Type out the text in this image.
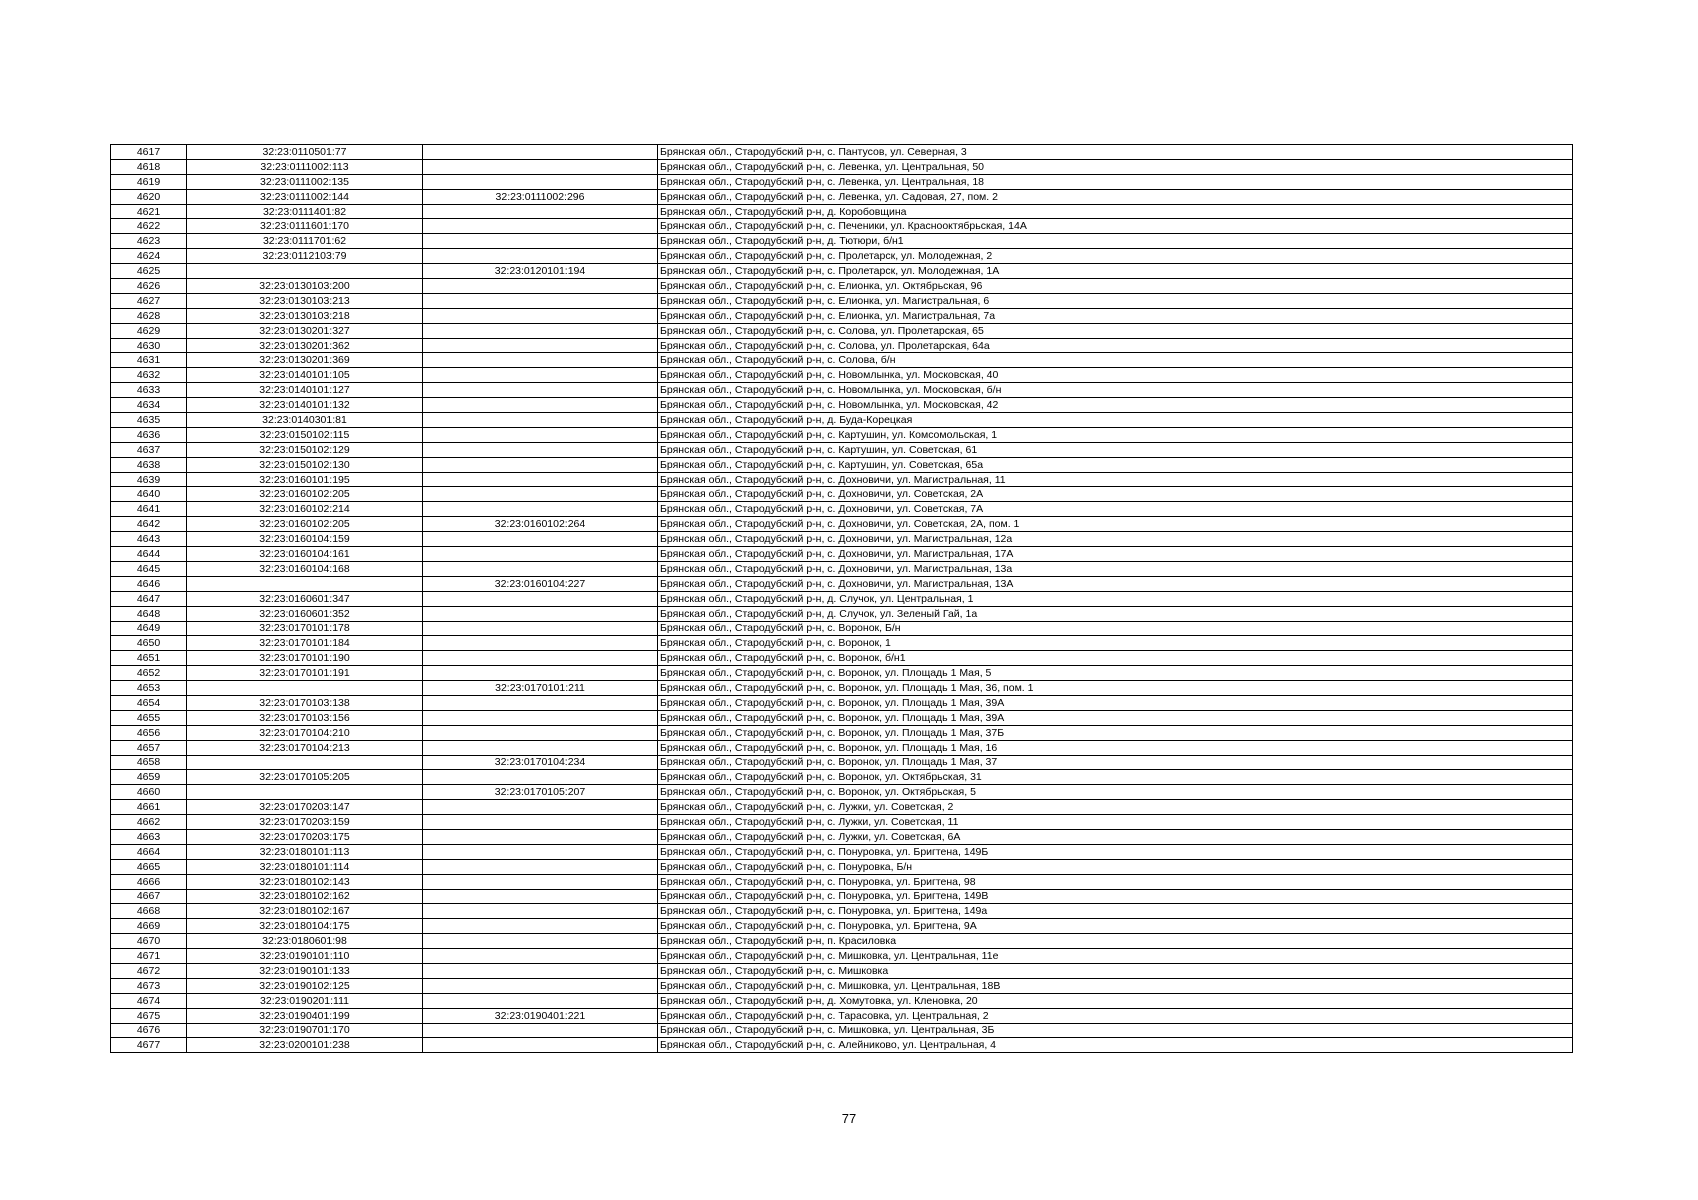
4617	32:23:0110501:77		Брянская обл., Стародубский р-н, с. Пантусов, ул. Северная, 3
4618	32:23:0111002:113		Брянская обл., Стародубский р-н, с. Левенка, ул. Центральная, 50
4619	32:23:0111002:135		Брянская обл., Стародубский р-н, с. Левенка, ул. Центральная, 18
4620	32:23:0111002:144	32:23:0111002:296	Брянская обл., Стародубский р-н, с. Левенка, ул. Садовая, 27, пом. 2
4621	32:23:0111401:82		Брянская обл., Стародубский р-н, д. Коробовщина
4622	32:23:0111601:170		Брянская обл., Стародубский р-н, с. Печеники, ул. Краснооктябрьская, 14А
4623	32:23:0111701:62		Брянская обл., Стародубский р-н, д. Тютюри, б/н1
4624	32:23:0112103:79		Брянская обл., Стародубский р-н, с. Пролетарск, ул. Молодежная, 2
4625		32:23:0120101:194	Брянская обл., Стародубский р-н, с. Пролетарск, ул. Молодежная, 1А
4626	32:23:0130103:200		Брянская обл., Стародубский р-н, с. Елионка, ул. Октябрьская, 96
4627	32:23:0130103:213		Брянская обл., Стародубский р-н, с. Елионка, ул. Магистральная, 6
4628	32:23:0130103:218		Брянская обл., Стародубский р-н, с. Елионка, ул. Магистральная, 7а
4629	32:23:0130201:327		Брянская обл., Стародубский р-н, с. Солова, ул. Пролетарская, 65
4630	32:23:0130201:362		Брянская обл., Стародубский р-н, с. Солова, ул. Пролетарская, 64а
4631	32:23:0130201:369		Брянская обл., Стародубский р-н, с. Солова, б/н
4632	32:23:0140101:105		Брянская обл., Стародубский р-н, с. Новомлынка, ул. Московская, 40
4633	32:23:0140101:127		Брянская обл., Стародубский р-н, с. Новомлынка, ул. Московская, б/н
4634	32:23:0140101:132		Брянская обл., Стародубский р-н, с. Новомлынка, ул. Московская, 42
4635	32:23:0140301:81		Брянская обл., Стародубский р-н, д. Буда-Корецкая
4636	32:23:0150102:115		Брянская обл., Стародубский р-н, с. Картушин, ул. Комсомольская, 1
4637	32:23:0150102:129		Брянская обл., Стародубский р-н, с. Картушин, ул. Советская, 61
4638	32:23:0150102:130		Брянская обл., Стародубский р-н, с. Картушин, ул. Советская, 65а
4639	32:23:0160101:195		Брянская обл., Стародубский р-н, с. Дохновичи, ул. Магистральная, 11
4640	32:23:0160102:205		Брянская обл., Стародубский р-н, с. Дохновичи, ул. Советская, 2А
4641	32:23:0160102:214		Брянская обл., Стародубский р-н, с. Дохновичи, ул. Советская, 7А
4642	32:23:0160102:205	32:23:0160102:264	Брянская обл., Стародубский р-н, с. Дохновичи, ул. Советская, 2А, пом. 1
4643	32:23:0160104:159		Брянская обл., Стародубский р-н, с. Дохновичи, ул. Магистральная, 12а
4644	32:23:0160104:161		Брянская обл., Стародубский р-н, с. Дохновичи, ул. Магистральная, 17А
4645	32:23:0160104:168		Брянская обл., Стародубский р-н, с. Дохновичи, ул. Магистральная, 13а
4646		32:23:0160104:227	Брянская обл., Стародубский р-н, с. Дохновичи, ул. Магистральная, 13А
4647	32:23:0160601:347		Брянская обл., Стародубский р-н, д. Случок, ул. Центральная, 1
4648	32:23:0160601:352		Брянская обл., Стародубский р-н, д. Случок, ул. Зеленый Гай, 1а
4649	32:23:0170101:178		Брянская обл., Стародубский р-н, с. Воронок, Б/н
4650	32:23:0170101:184		Брянская обл., Стародубский р-н, с. Воронок, 1
4651	32:23:0170101:190		Брянская обл., Стародубский р-н, с. Воронок, б/н1
4652	32:23:0170101:191		Брянская обл., Стародубский р-н, с. Воронок, ул. Площадь 1 Мая, 5
4653		32:23:0170101:211	Брянская обл., Стародубский р-н, с. Воронок, ул. Площадь 1 Мая, 36, пом. 1
4654	32:23:0170103:138		Брянская обл., Стародубский р-н, с. Воронок, ул. Площадь 1 Мая, 39А
4655	32:23:0170103:156		Брянская обл., Стародубский р-н, с. Воронок, ул. Площадь 1 Мая, 39А
4656	32:23:0170104:210		Брянская обл., Стародубский р-н, с. Воронок, ул. Площадь 1 Мая, 37Б
4657	32:23:0170104:213		Брянская обл., Стародубский р-н, с. Воронок, ул. Площадь 1 Мая, 16
4658		32:23:0170104:234	Брянская обл., Стародубский р-н, с. Воронок, ул. Площадь 1 Мая, 37
4659	32:23:0170105:205		Брянская обл., Стародубский р-н, с. Воронок, ул. Октябрьская, 31
4660		32:23:0170105:207	Брянская обл., Стародубский р-н, с. Воронок, ул. Октябрьская, 5
4661	32:23:0170203:147		Брянская обл., Стародубский р-н, с. Лужки, ул. Советская, 2
4662	32:23:0170203:159		Брянская обл., Стародубский р-н, с. Лужки, ул. Советская, 11
4663	32:23:0170203:175		Брянская обл., Стародубский р-н, с. Лужки, ул. Советская, 6А
4664	32:23:0180101:113		Брянская обл., Стародубский р-н, с. Понуровка, ул. Бригтена, 149Б
4665	32:23:0180101:114		Брянская обл., Стародубский р-н, с. Понуровка, Б/н
4666	32:23:0180102:143		Брянская обл., Стародубский р-н, с. Понуровка, ул. Бригтена, 98
4667	32:23:0180102:162		Брянская обл., Стародубский р-н, с. Понуровка, ул. Бригтена, 149В
4668	32:23:0180102:167		Брянская обл., Стародубский р-н, с. Понуровка, ул. Бригтена, 149а
4669	32:23:0180104:175		Брянская обл., Стародубский р-н, с. Понуровка, ул. Бригтена, 9А
4670	32:23:0180601:98		Брянская обл., Стародубский р-н, п. Красиловка
4671	32:23:0190101:110		Брянская обл., Стародубский р-н, с. Мишковка, ул. Центральная, 11е
4672	32:23:0190101:133		Брянская обл., Стародубский р-н, с. Мишковка
4673	32:23:0190102:125		Брянская обл., Стародубский р-н, с. Мишковка, ул. Центральная, 18В
4674	32:23:0190201:111		Брянская обл., Стародубский р-н, д. Хомутовка, ул. Кленовка, 20
4675	32:23:0190401:199	32:23:0190401:221	Брянская обл., Стародубский р-н, с. Тарасовка, ул. Центральная, 2
4676	32:23:0190701:170		Брянская обл., Стародубский р-н, с. Мишковка, ул. Центральная, 3Б
4677	32:23:0200101:238		Брянская обл., Стародубский р-н, с. Алейниково, ул. Центральная, 4
77
